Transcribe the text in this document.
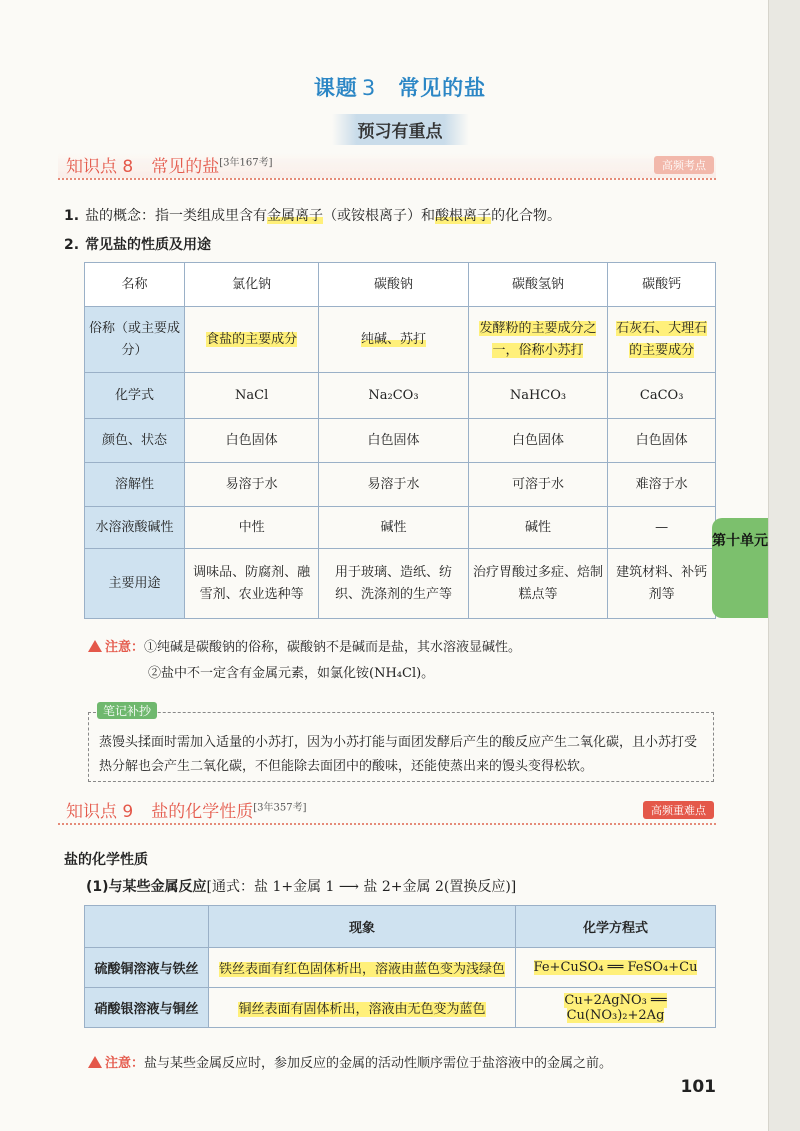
课题 3 常见的盐
预习有重点
知识点 8 常见的盐[3年167考]	高频考点
1. 盐的概念：指一类组成里含有金属离子（或铵根离子）和酸根离子的化合物。
2. 常见盐的性质及用途
名称	氯化钠	碳酸钠	碳酸氢钠	碳酸钙
俗称（或主要成分）	食盐的主要成分	纯碱、苏打	发酵粉的主要成分之一，俗称小苏打	石灰石、大理石的主要成分
化学式	NaCl	Na₂CO₃	NaHCO₃	CaCO₃
颜色、状态	白色固体	白色固体	白色固体	白色固体
溶解性	易溶于水	易溶于水	可溶于水	难溶于水
水溶液酸碱性	中性	碱性	碱性	—
主要用途	调味品、防腐剂、融雪剂、农业选种等	用于玻璃、造纸、纺织、洗涤剂的生产等	治疗胃酸过多症、焙制糕点等	建筑材料、补钙剂等
注意：①纯碱是碳酸钠的俗称，碳酸钠不是碱而是盐，其水溶液显碱性。
②盐中不一定含有金属元素，如氯化铵(NH₄Cl)。
笔记补抄
蒸馒头揉面时需加入适量的小苏打，因为小苏打能与面团发酵后产生的酸反应产生二氧化碳，且小苏打受热分解也会产生二氧化碳，不但能除去面团中的酸味，还能使蒸出来的馒头变得松软。
知识点 9 盐的化学性质[3年357考]	高频重难点
盐的化学性质
(1)与某些金属反应[通式：盐 1+金属 1 ⟶ 盐 2+金属 2(置换反应)]
	现象	化学方程式
硫酸铜溶液与铁丝	铁丝表面有红色固体析出，溶液由蓝色变为浅绿色	Fe+CuSO₄ ══ FeSO₄+Cu
硝酸银溶液与铜丝	铜丝表面有固体析出，溶液由无色变为蓝色	Cu+2AgNO₃ ══ Cu(NO₃)₂+2Ag
注意：盐与某些金属反应时，参加反应的金属的活动性顺序需位于盐溶液中的金属之前。
第十单元
101
